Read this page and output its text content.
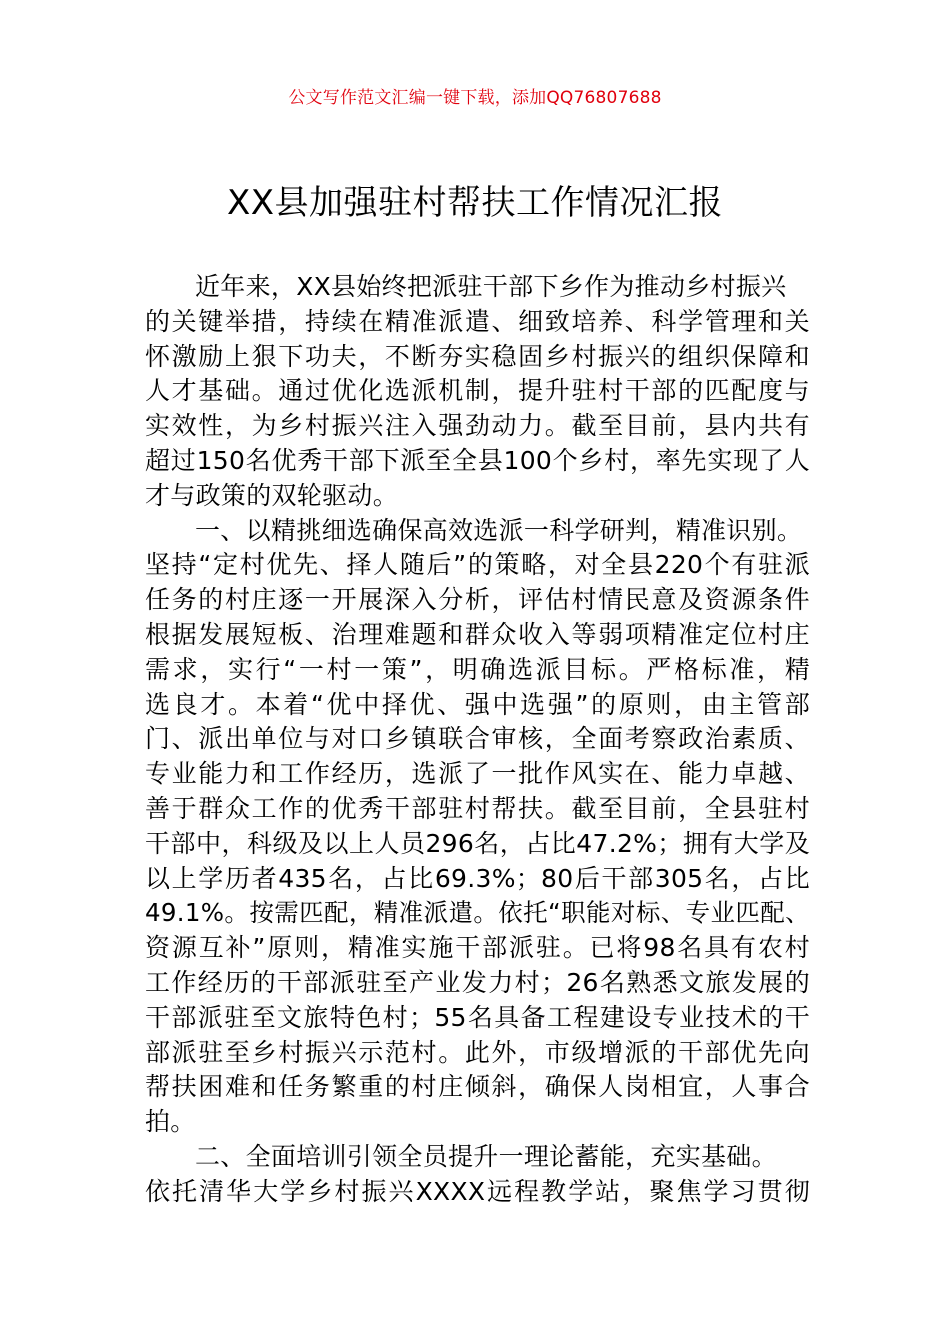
公文写作范文汇编一键下载，添加QQ76807688
XX县加强驻村帮扶工作情况汇报
近年来，XX县始终把派驻干部下乡作为推动乡村振兴
的关键举措，持续在精准派遣、细致培养、科学管理和关
怀激励上狠下功夫，不断夯实稳固乡村振兴的组织保障和
人才基础。通过优化选派机制，提升驻村干部的匹配度与
实效性，为乡村振兴注入强劲动力。截至目前，县内共有
超过150名优秀干部下派至全县100个乡村，率先实现了人
才与政策的双轮驱动。
一、以精挑细选确保高效选派一科学研判，精准识别。
坚持“定村优先、择人随后”的策略，对全县220个有驻派
任务的村庄逐一开展深入分析，评估村情民意及资源条件
根据发展短板、治理难题和群众收入等弱项精准定位村庄
需求，实行“一村一策”，明确选派目标。严格标准，精
选良才。本着“优中择优、强中选强”的原则，由主管部
门、派出单位与对口乡镇联合审核，全面考察政治素质、
专业能力和工作经历，选派了一批作风实在、能力卓越、
善于群众工作的优秀干部驻村帮扶。截至目前，全县驻村
干部中，科级及以上人员296名，占比47.2%；拥有大学及
以上学历者435名，占比69.3%；80后干部305名，占比
49.1%。按需匹配，精准派遣。依托“职能对标、专业匹配、
资源互补”原则，精准实施干部派驻。已将98名具有农村
工作经历的干部派驻至产业发力村；26名熟悉文旅发展的
干部派驻至文旅特色村；55名具备工程建设专业技术的干
部派驻至乡村振兴示范村。此外，市级增派的干部优先向
帮扶困难和任务繁重的村庄倾斜，确保人岗相宜，人事合
拍。
二、全面培训引领全员提升一理论蓄能，充实基础。
依托清华大学乡村振兴XXXX远程教学站，聚焦学习贯彻
